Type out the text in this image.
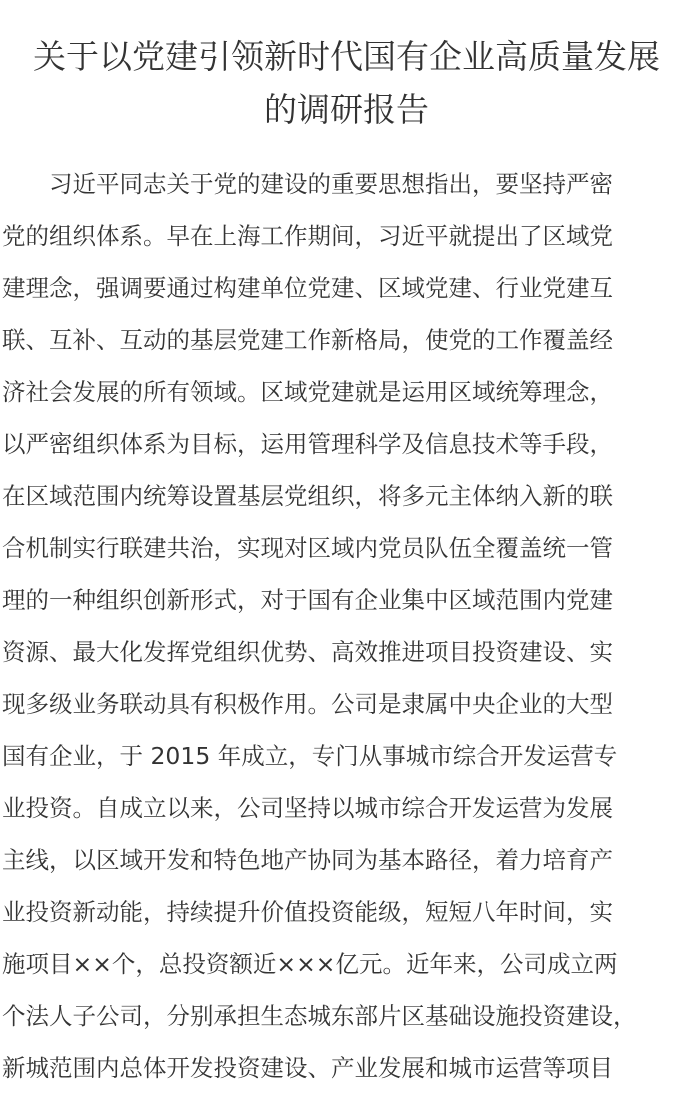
关于以党建引领新时代国有企业高质量发展
的调研报告
习近平同志关于党的建设的重要思想指出，要坚持严密
党的组织体系。早在上海工作期间，习近平就提出了区域党
建理念，强调要通过构建单位党建、区域党建、行业党建互
联、互补、互动的基层党建工作新格局，使党的工作覆盖经
济社会发展的所有领域。区域党建就是运用区域统筹理念，
以严密组织体系为目标，运用管理科学及信息技术等手段，
在区域范围内统筹设置基层党组织，将多元主体纳入新的联
合机制实行联建共治，实现对区域内党员队伍全覆盖统一管
理的一种组织创新形式，对于国有企业集中区域范围内党建
资源、最大化发挥党组织优势、高效推进项目投资建设、实
现多级业务联动具有积极作用。公司是隶属中央企业的大型
国有企业，于 2015 年成立，专门从事城市综合开发运营专
业投资。自成立以来，公司坚持以城市综合开发运营为发展
主线，以区域开发和特色地产协同为基本路径，着力培育产
业投资新动能，持续提升价值投资能级，短短八年时间，实
施项目××个，总投资额近×××亿元。近年来，公司成立两
个法人子公司，分别承担生态城东部片区基础设施投资建设，
新城范围内总体开发投资建设、产业发展和城市运营等项目
